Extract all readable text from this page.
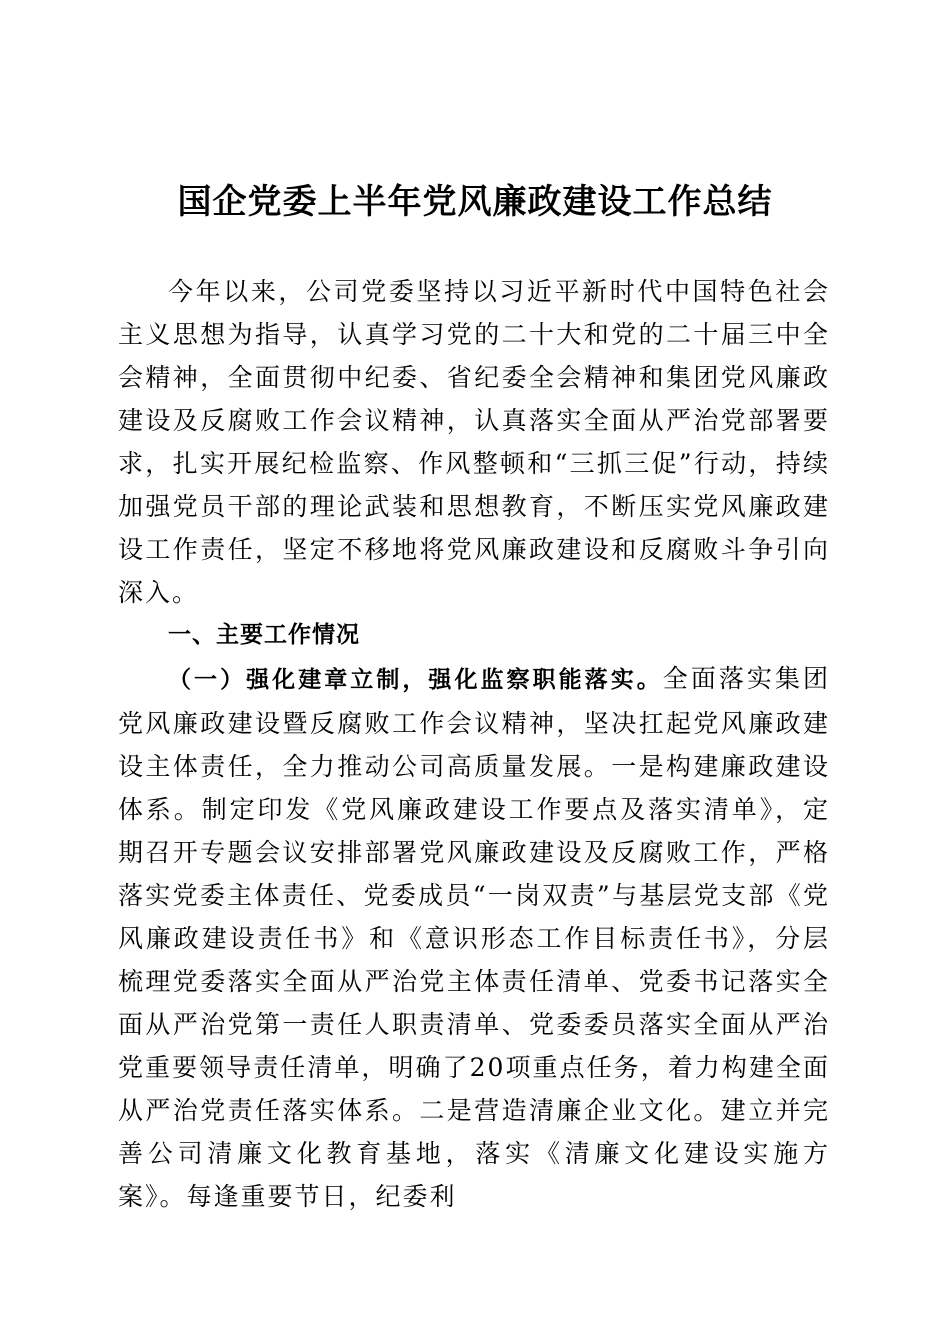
国企党委上半年党风廉政建设工作总结

今年以来，公司党委坚持以习近平新时代中国特色社会主义思想为指导，认真学习党的二十大和党的二十届三中全会精神，全面贯彻中纪委、省纪委全会精神和集团党风廉政建设及反腐败工作会议精神，认真落实全面从严治党部署要求，扎实开展纪检监察、作风整顿和“三抓三促”行动，持续加强党员干部的理论武装和思想教育，不断压实党风廉政建设工作责任，坚定不移地将党风廉政建设和反腐败斗争引向深入。

一、主要工作情况

（一）强化建章立制，强化监察职能落实。全面落实集团党风廉政建设暨反腐败工作会议精神，坚决扛起党风廉政建设主体责任，全力推动公司高质量发展。一是构建廉政建设体系。制定印发《党风廉政建设工作要点及落实清单》，定期召开专题会议安排部署党风廉政建设及反腐败工作，严格落实党委主体责任、党委成员“一岗双责”与基层党支部《党风廉政建设责任书》和《意识形态工作目标责任书》，分层梳理党委落实全面从严治党主体责任清单、党委书记落实全面从严治党第一责任人职责清单、党委委员落实全面从严治党重要领导责任清单，明确了20项重点任务，着力构建全面从严治党责任落实体系。二是营造清廉企业文化。建立并完善公司清廉文化教育基地，落实《清廉文化建设实施方案》。每逢重要节日，纪委利
